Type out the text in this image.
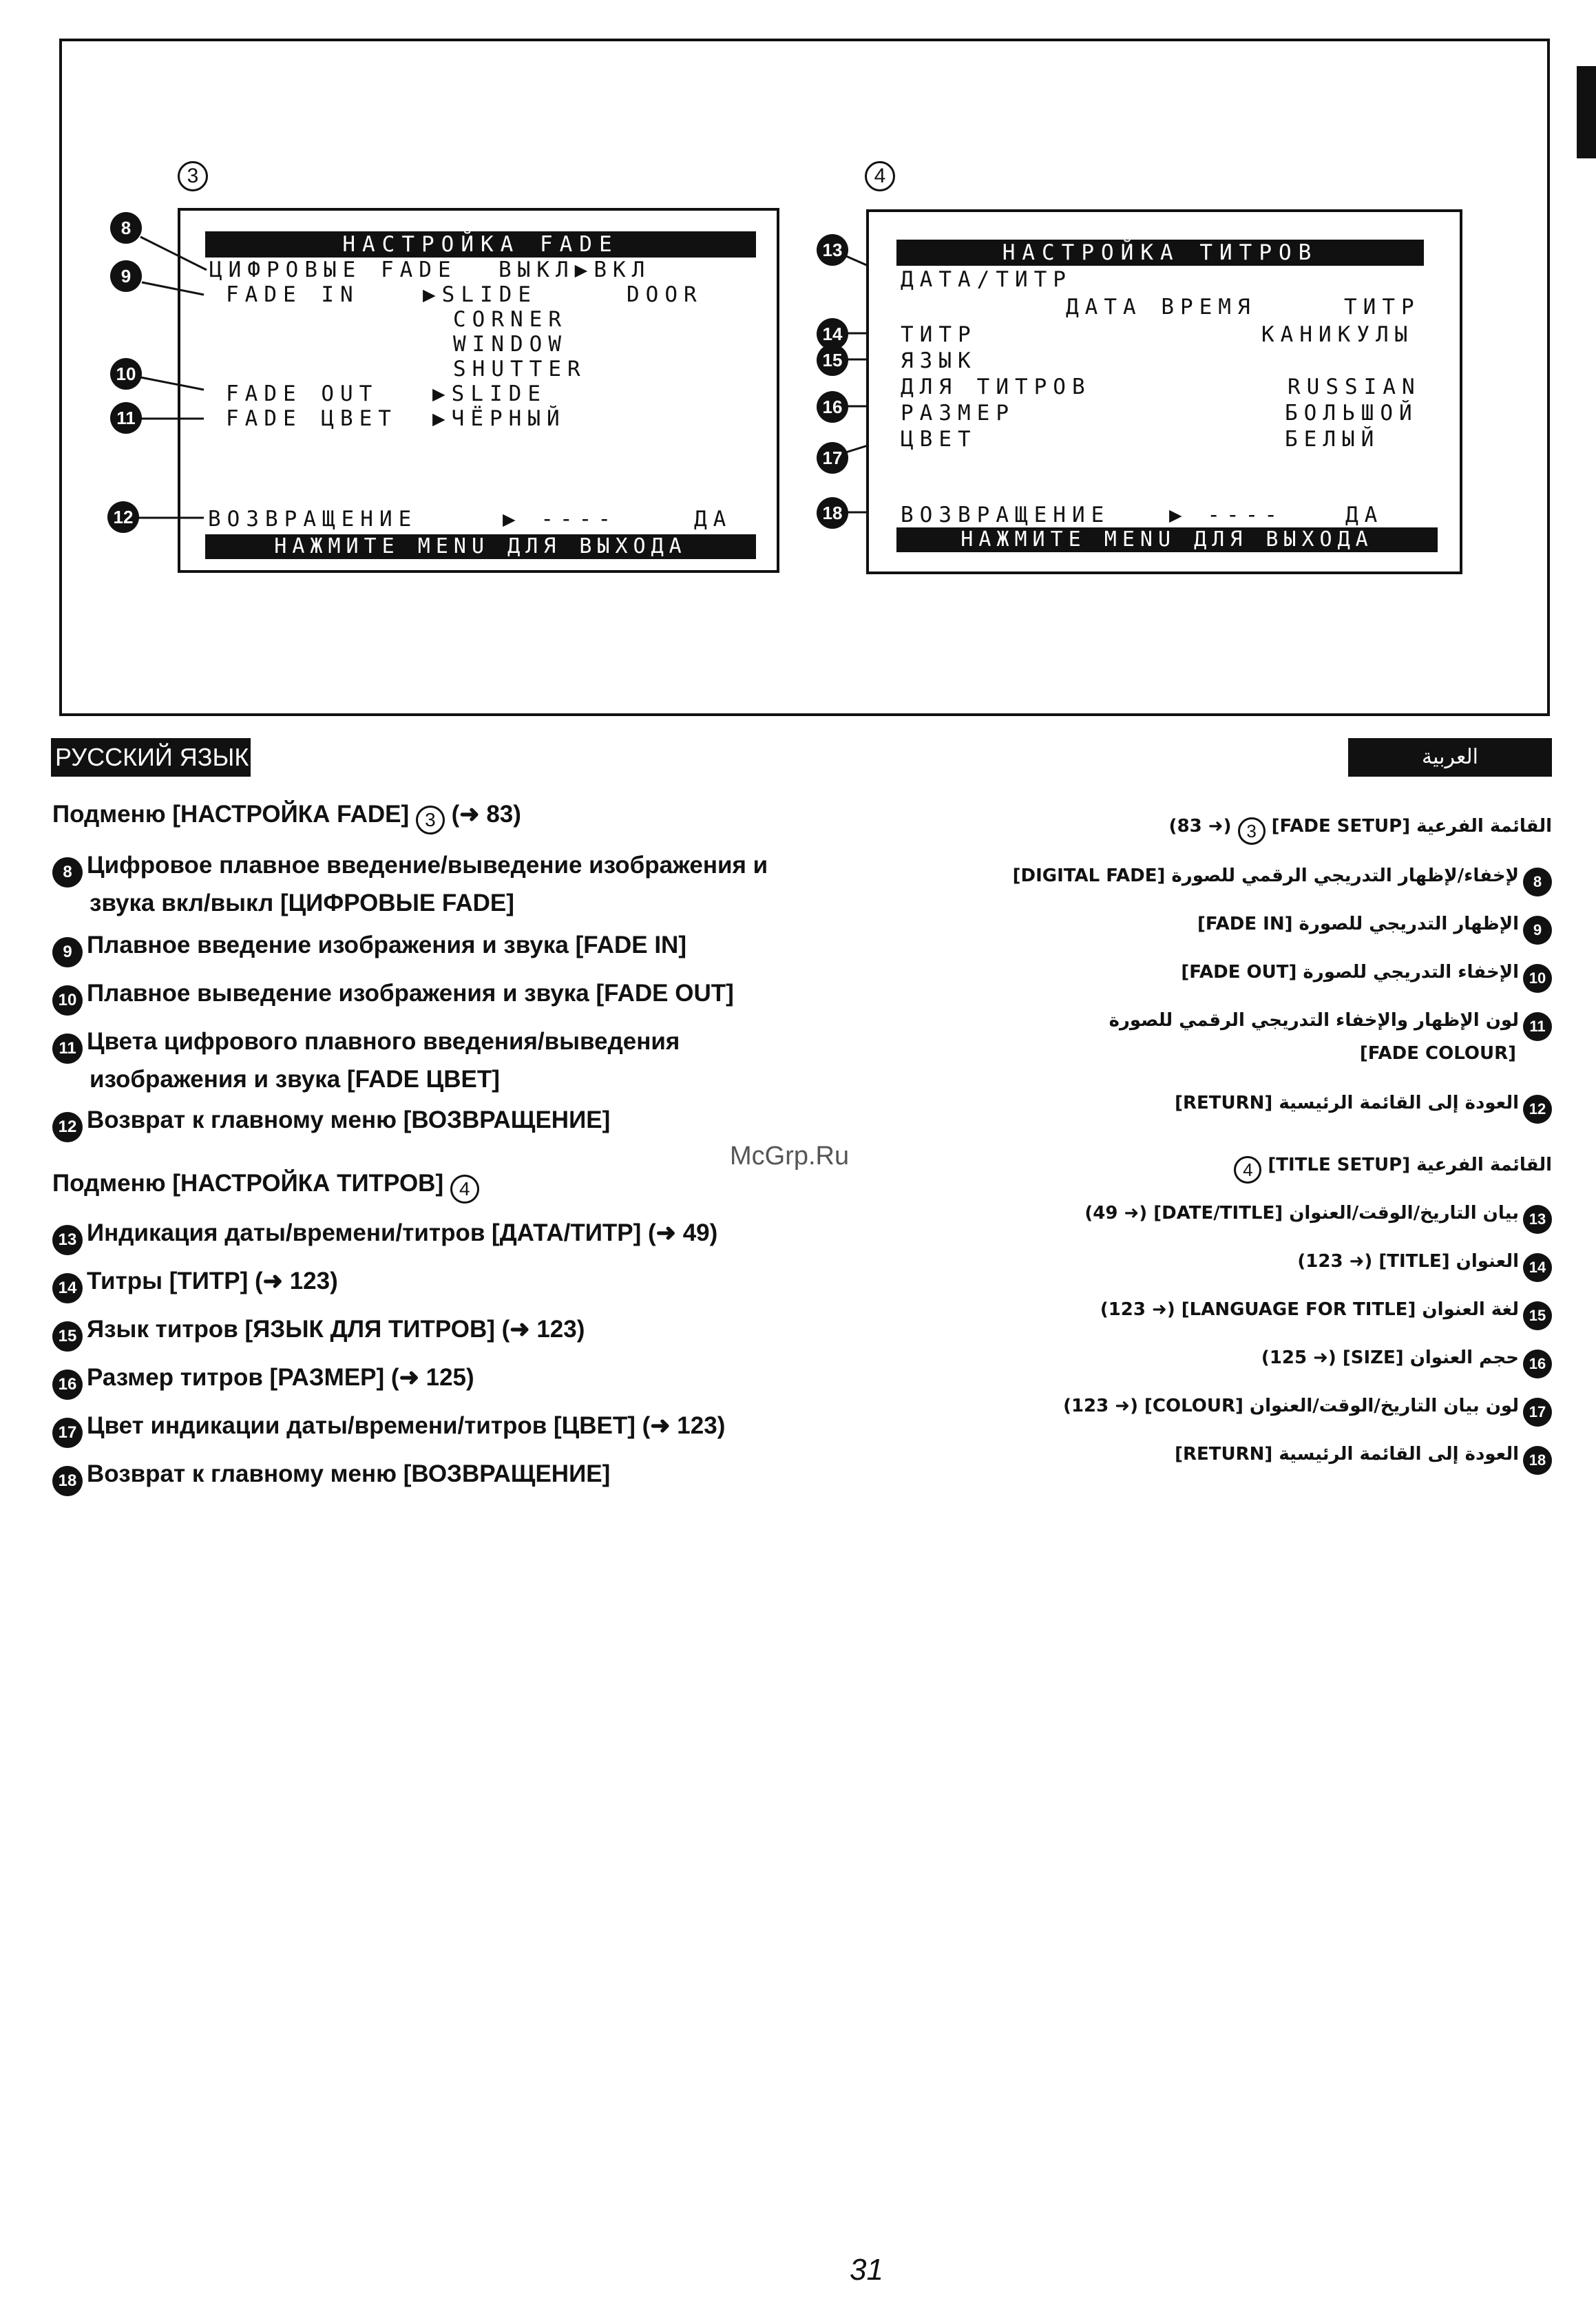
3
НАСТРОЙКА FADE
ЦИФРОВЫЕ FADE ВЫКЛ▶ВКЛ
FADE IN	▶SLIDE	DOOR
CORNER
WINDOW
SHUTTER
FADE OUT	▶SLIDE
FADE ЦВЕТ ▶ЧЁРНЫЙ
ВОЗВРАЩЕНИЕ	▶ ----	ДА
НАЖМИТЕ MENU ДЛЯ ВЫХОДА
8
9
10
11
12
4
НАСТРОЙКА ТИТРОВ
ДАТА/ТИТР
ДАТА ВРЕМЯ	ТИТР
ТИТР	КАНИКУЛЫ
ЯЗЫК
ДЛЯ ТИТРОВ	RUSSIAN
РАЗМЕР	БОЛЬШОЙ
ЦВЕТ	БЕЛЫЙ
ВОЗВРАЩЕНИЕ	▶ ----	ДА
НАЖМИТЕ MENU ДЛЯ ВЫХОДА
13
14
15
16
17
18
РУССКИЙ ЯЗЫК	العربية
Подменю [НАСТРОЙКА FADE] 3 (➜ 83)
8 Цифровое плавное введение/выведение изображения и
звука вкл/выкл [ЦИФРОВЫЕ FADE]
9 Плавное введение изображения и звука [FADE IN]
10 Плавное выведение изображения и звука [FADE OUT]
11 Цвета цифрового плавного введения/выведения
изображения и звука [FADE ЦВЕТ]
12 Возврат к главному меню [ВОЗВРАЩЕНИЕ]
Подменю [НАСТРОЙКА ТИТРОВ] 4
13 Индикация даты/времени/титров [ДАТА/ТИТР] (➜ 49)
14 Титры [ТИТР] (➜ 123)
15 Язык титров [ЯЗЫК ДЛЯ ТИТРОВ] (➜ 123)
16 Размер титров [РАЗМЕР] (➜ 125)
17 Цвет индикации даты/времени/титров [ЦВЕТ] (➜ 123)
18 Возврат к главному меню [ВОЗВРАЩЕНИЕ]
القائمة الفرعية [FADE SETUP] 3 (➜ 83)
8لإخفاء/لإظهار التدريجي الرقمي للصورة [DIGITAL FADE]
9الإظهار التدريجي للصورة [FADE IN]
10الإخفاء التدريجي للصورة [FADE OUT]
11لون الإظهار والإخفاء التدريجي الرقمي للصورة
[FADE COLOUR]
12العودة إلى القائمة الرئيسية [RETURN]
القائمة الفرعية [TITLE SETUP] 4
13بيان التاريخ/الوقت/العنوان [DATE/TITLE] (➜ 49)
14العنوان [TITLE] (➜ 123)
15لغة العنوان [LANGUAGE FOR TITLE] (➜ 123)
16حجم العنوان [SIZE] (➜ 125)
17لون بيان التاريخ/الوقت/العنوان [COLOUR] (➜ 123)
18العودة إلى القائمة الرئيسية [RETURN]
McGrp.Ru
31
